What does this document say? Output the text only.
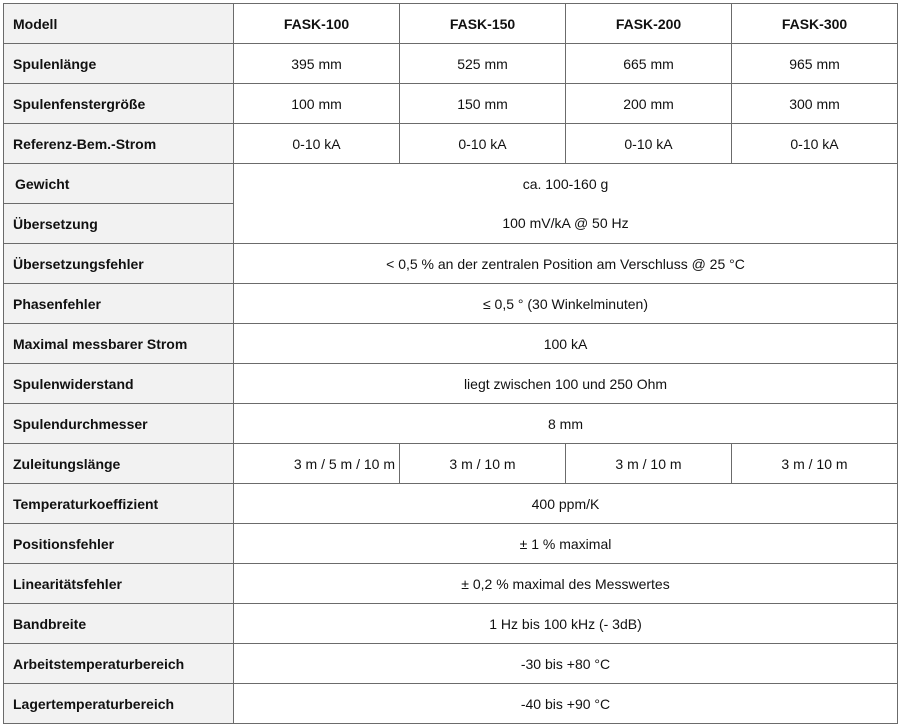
Modell	FASK-100	FASK-150	FASK-200	FASK-300
Spulenlänge	395 mm	525 mm	665 mm	965 mm
Spulenfenstergröße	100 mm	150 mm	200 mm	300 mm
Referenz-Bem.-Strom	0-10 kA	0-10 kA	0-10 kA	0-10 kA
Gewicht	ca. 100-160 g			
Übersetzung	100 mV/kA @ 50 Hz			
Übersetzungsfehler	< 0,5 % an der zentralen Position am Verschluss @ 25 °C			
Phasenfehler	≤ 0,5 ° (30 Winkelminuten)			
Maximal messbarer Strom	100 kA			
Spulenwiderstand	liegt zwischen 100 und 250 Ohm			
Spulendurchmesser	8 mm			
Zuleitungslänge	3 m / 5 m / 10 m	3 m / 10 m	3 m / 10 m	3 m / 10 m
Temperaturkoeffizient	400 ppm/K			
Positionsfehler	± 1 % maximal			
Linearitätsfehler	± 0,2 % maximal des Messwertes			
Bandbreite	1 Hz bis 100 kHz (- 3dB)			
Arbeitstemperaturbereich	-30 bis +80 °C			
Lagertemperaturbereich	-40 bis +90 °C			
